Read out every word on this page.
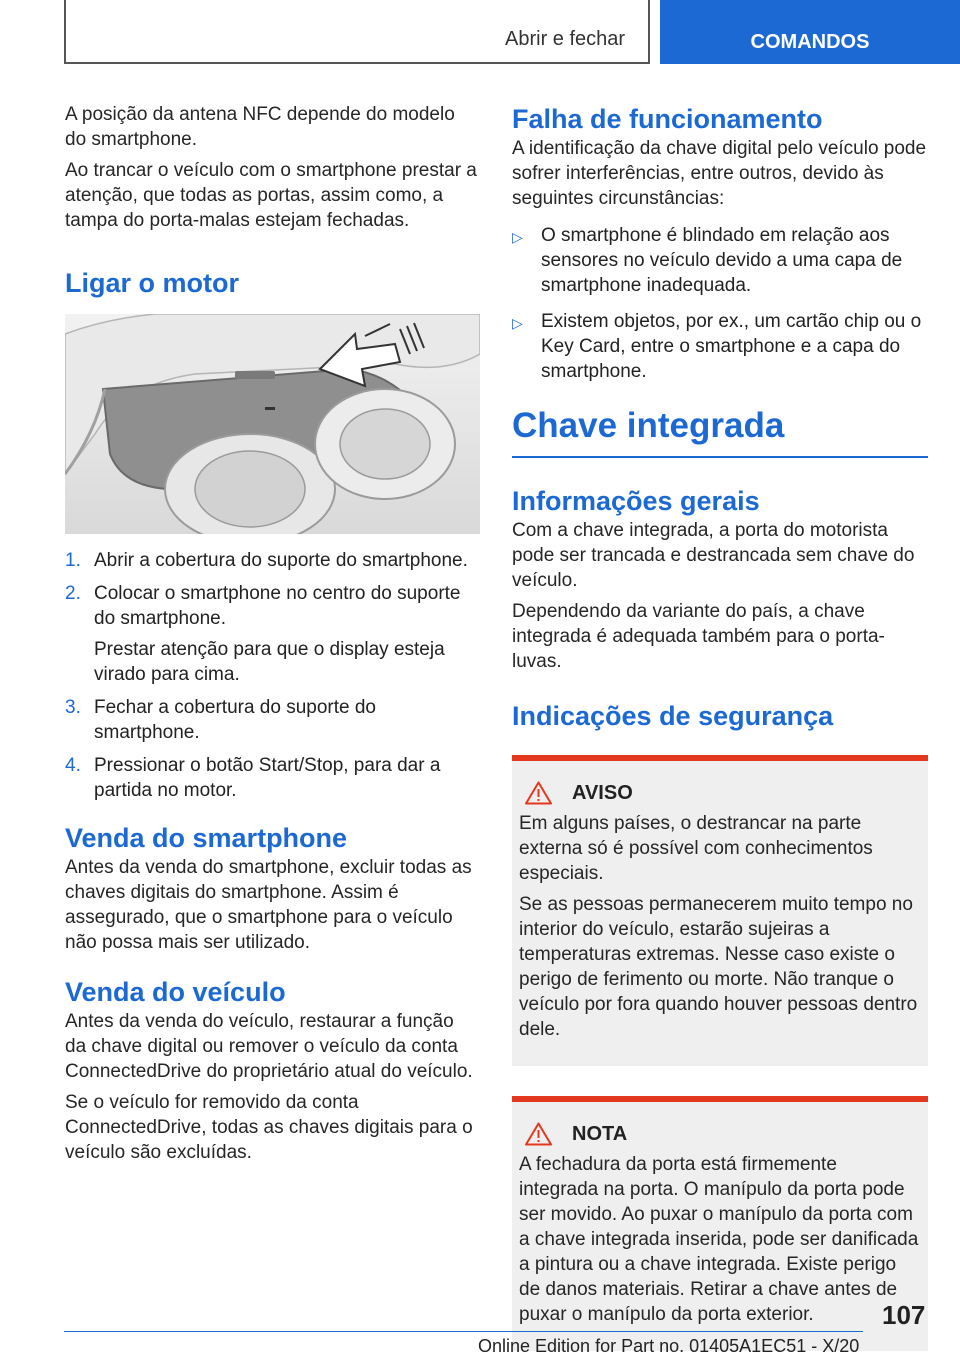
Abrir e fechar	COMANDOS

A posição da antena NFC depende do modelo do smartphone.

Ao trancar o veículo com o smartphone prestar a atenção, que todas as portas, assim como, a tampa do porta-malas estejam fechadas.

Ligar o motor
1. Abrir a cobertura do suporte do smartphone.
2. Colocar o smartphone no centro do suporte do smartphone.
Prestar atenção para que o display esteja virado para cima.
3. Fechar a cobertura do suporte do smartphone.
4. Pressionar o botão Start/Stop, para dar a partida no motor.
Venda do smartphone

Antes da venda do smartphone, excluir todas as chaves digitais do smartphone. Assim é assegurado, que o smartphone para o veículo não possa mais ser utilizado.

Venda do veículo

Antes da venda do veículo, restaurar a função da chave digital ou remover o veículo da conta ConnectedDrive do proprietário atual do veículo.

Se o veículo for removido da conta ConnectedDrive, todas as chaves digitais para o veículo são excluídas.

Falha de funcionamento

A identificação da chave digital pelo veículo pode sofrer interferências, entre outros, devido às seguintes circunstâncias:

▷ O smartphone é blindado em relação aos sensores no veículo devido a uma capa de smartphone inadequada.
▷ Existem objetos, por ex., um cartão chip ou o Key Card, entre o smartphone e a capa do smartphone.
Chave integrada
Informações gerais

Com a chave integrada, a porta do motorista pode ser trancada e destrancada sem chave do veículo.

Dependendo da variante do país, a chave integrada é adequada também para o porta-luvas.

Indicações de segurança
AVISO

Em alguns países, o destrancar na parte externa só é possível com conhecimentos especiais.

Se as pessoas permanecerem muito tempo no interior do veículo, estarão sujeiras a temperaturas extremas. Nesse caso existe o perigo de ferimento ou morte. Não tranque o veículo por fora quando houver pessoas dentro dele.

NOTA

A fechadura da porta está firmemente integrada na porta. O manípulo da porta pode ser movido. Ao puxar o manípulo da porta com a chave integrada inserida, pode ser danificada a pintura ou a chave integrada. Existe perigo de danos materiais. Retirar a chave antes de puxar o manípulo da porta exterior.	107
Online Edition for Part no. 01405A1EC51 - X/20
